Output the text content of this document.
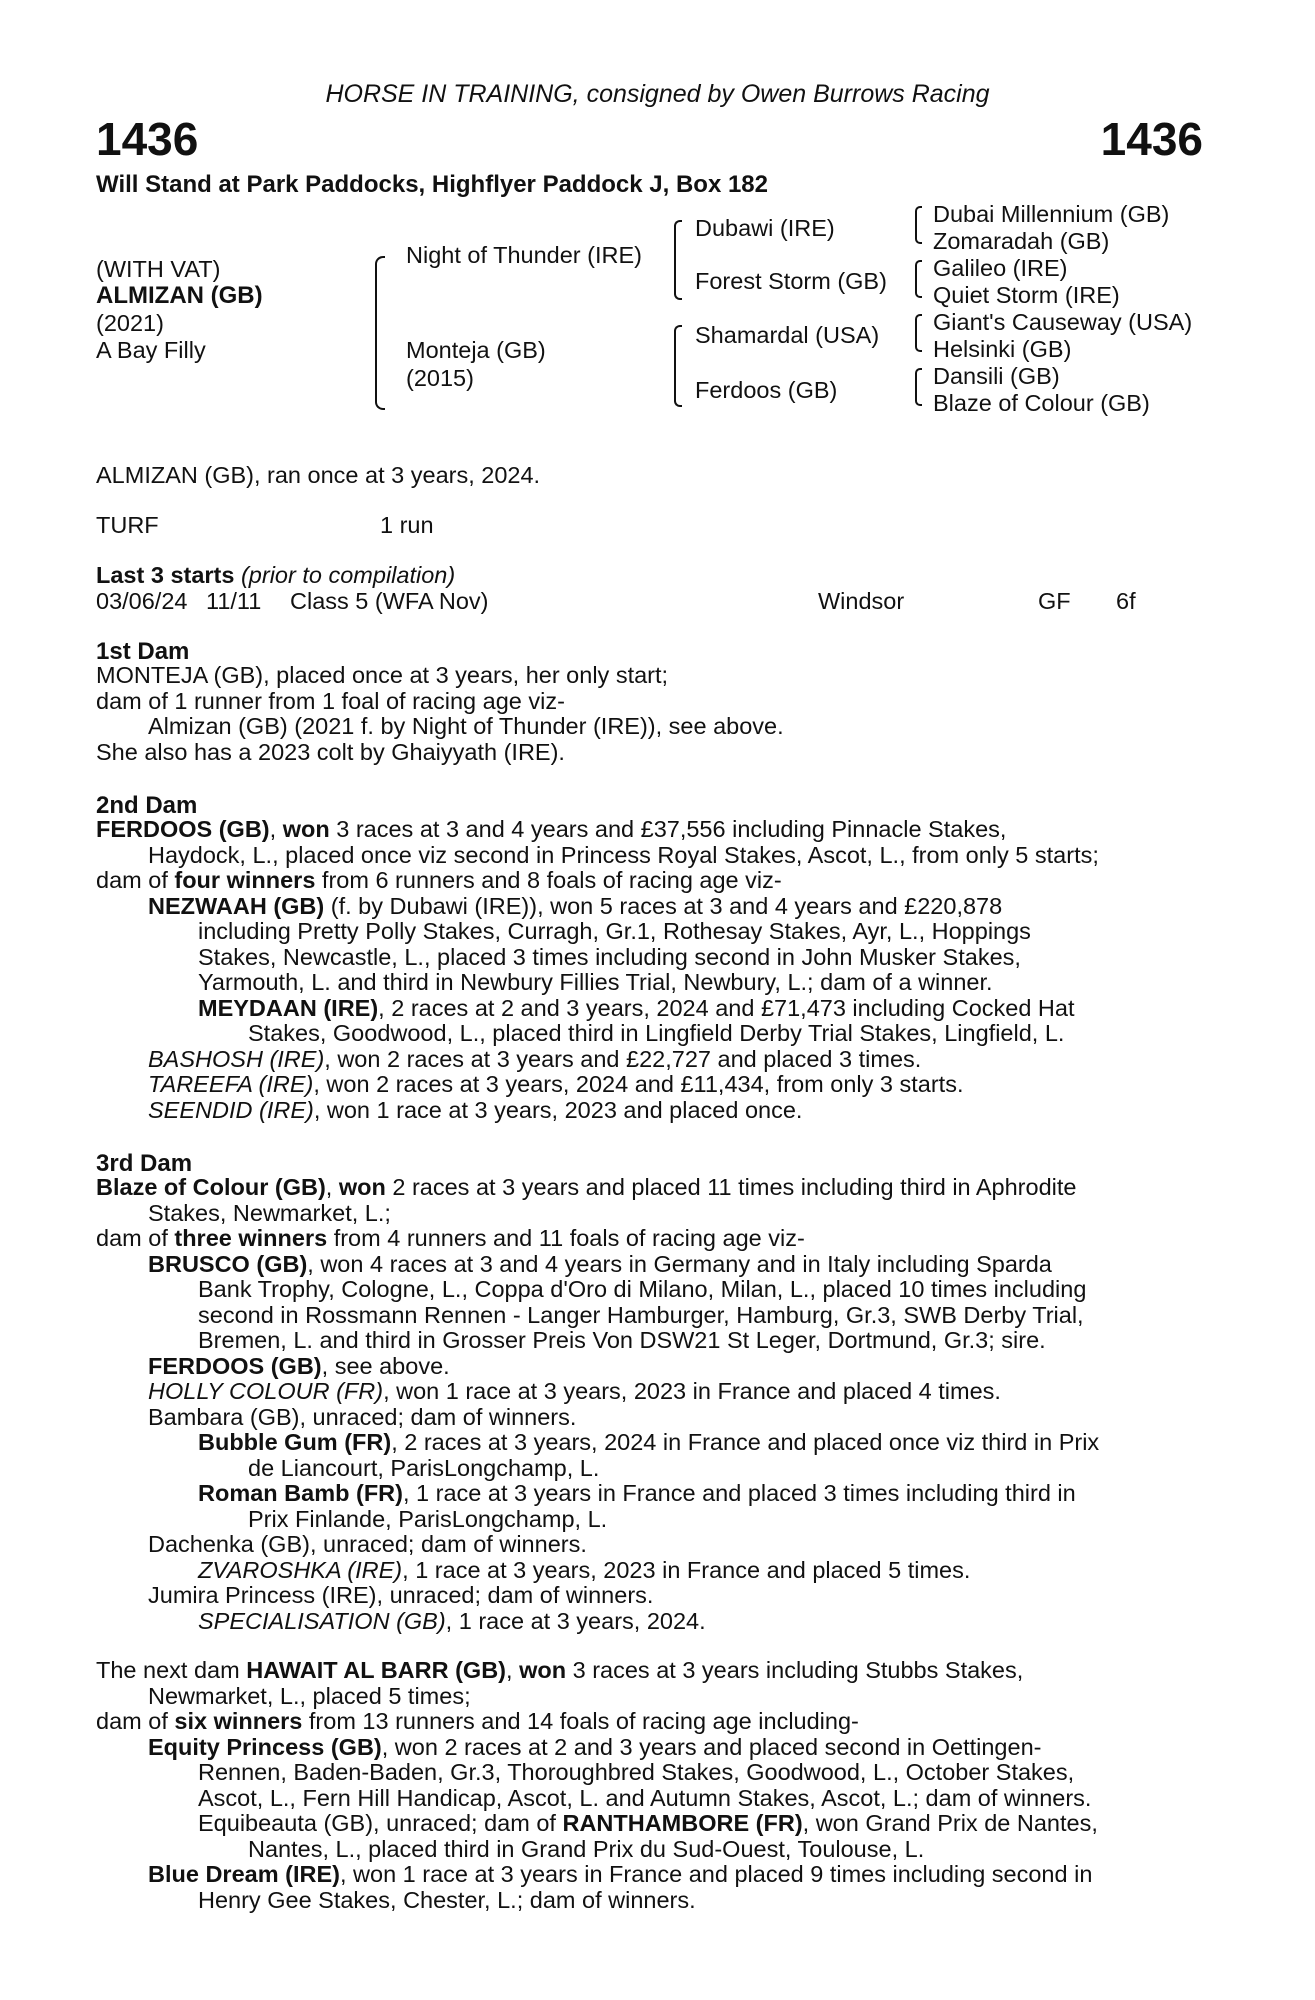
HORSE IN TRAINING, consigned by Owen Burrows Racing
1436	1436
Will Stand at Park Paddocks, Highflyer Paddock J, Box 182
(WITH VAT)
ALMIZAN (GB)
(2021)
A Bay Filly
Night of Thunder (IRE)
Monteja (GB)
(2015)
Dubawi (IRE)
Forest Storm (GB)
Shamardal (USA)
Ferdoos (GB)
Dubai Millennium (GB)
Zomaradah (GB)
Galileo (IRE)
Quiet Storm (IRE)
Giant's Causeway (USA)
Helsinki (GB)
Dansili (GB)
Blaze of Colour (GB)
ALMIZAN (GB), ran once at 3 years, 2024.
TURF	1 run
Last 3 starts (prior to compilation)
03/06/24 11/11 Class 5 (WFA Nov)	Windsor	GF 6f
1st Dam
MONTEJA (GB), placed once at 3 years, her only start;
dam of 1 runner from 1 foal of racing age viz-
Almizan (GB) (2021 f. by Night of Thunder (IRE)), see above.
She also has a 2023 colt by Ghaiyyath (IRE).
2nd Dam
FERDOOS (GB), won 3 races at 3 and 4 years and £37,556 including Pinnacle Stakes,
Haydock, L., placed once viz second in Princess Royal Stakes, Ascot, L., from only 5 starts;
dam of four winners from 6 runners and 8 foals of racing age viz-
NEZWAAH (GB) (f. by Dubawi (IRE)), won 5 races at 3 and 4 years and £220,878
including Pretty Polly Stakes, Curragh, Gr.1, Rothesay Stakes, Ayr, L., Hoppings
Stakes, Newcastle, L., placed 3 times including second in John Musker Stakes,
Yarmouth, L. and third in Newbury Fillies Trial, Newbury, L.; dam of a winner.
MEYDAAN (IRE), 2 races at 2 and 3 years, 2024 and £71,473 including Cocked Hat
Stakes, Goodwood, L., placed third in Lingfield Derby Trial Stakes, Lingfield, L.
BASHOSH (IRE), won 2 races at 3 years and £22,727 and placed 3 times.
TAREEFA (IRE), won 2 races at 3 years, 2024 and £11,434, from only 3 starts.
SEENDID (IRE), won 1 race at 3 years, 2023 and placed once.
3rd Dam
Blaze of Colour (GB), won 2 races at 3 years and placed 11 times including third in Aphrodite
Stakes, Newmarket, L.;
dam of three winners from 4 runners and 11 foals of racing age viz-
BRUSCO (GB), won 4 races at 3 and 4 years in Germany and in Italy including Sparda
Bank Trophy, Cologne, L., Coppa d'Oro di Milano, Milan, L., placed 10 times including
second in Rossmann Rennen - Langer Hamburger, Hamburg, Gr.3, SWB Derby Trial,
Bremen, L. and third in Grosser Preis Von DSW21 St Leger, Dortmund, Gr.3; sire.
FERDOOS (GB), see above.
HOLLY COLOUR (FR), won 1 race at 3 years, 2023 in France and placed 4 times.
Bambara (GB), unraced; dam of winners.
Bubble Gum (FR), 2 races at 3 years, 2024 in France and placed once viz third in Prix
de Liancourt, ParisLongchamp, L.
Roman Bamb (FR), 1 race at 3 years in France and placed 3 times including third in
Prix Finlande, ParisLongchamp, L.
Dachenka (GB), unraced; dam of winners.
ZVAROSHKA (IRE), 1 race at 3 years, 2023 in France and placed 5 times.
Jumira Princess (IRE), unraced; dam of winners.
SPECIALISATION (GB), 1 race at 3 years, 2024.
The next dam HAWAIT AL BARR (GB), won 3 races at 3 years including Stubbs Stakes,
Newmarket, L., placed 5 times;
dam of six winners from 13 runners and 14 foals of racing age including-
Equity Princess (GB), won 2 races at 2 and 3 years and placed second in Oettingen-
Rennen, Baden-Baden, Gr.3, Thoroughbred Stakes, Goodwood, L., October Stakes,
Ascot, L., Fern Hill Handicap, Ascot, L. and Autumn Stakes, Ascot, L.; dam of winners.
Equibeauta (GB), unraced; dam of RANTHAMBORE (FR), won Grand Prix de Nantes,
Nantes, L., placed third in Grand Prix du Sud-Ouest, Toulouse, L.
Blue Dream (IRE), won 1 race at 3 years in France and placed 9 times including second in
Henry Gee Stakes, Chester, L.; dam of winners.
